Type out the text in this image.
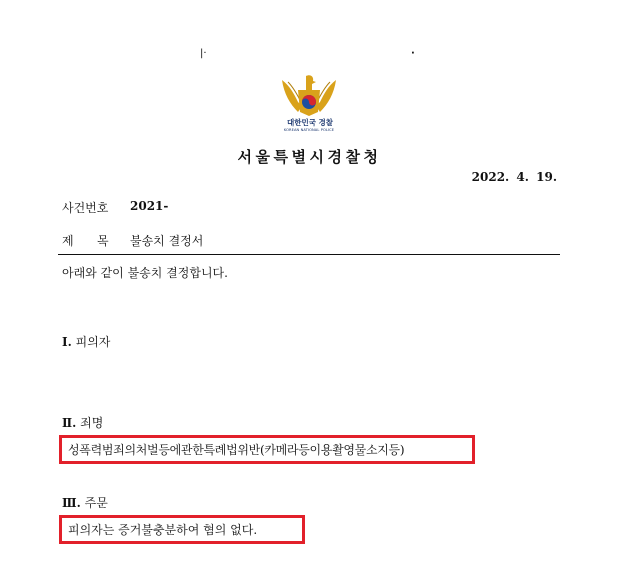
|·	·
대한민국 경찰
KOREAN NATIONAL POLICE
서울특별시경찰청
2022. 4. 19.
사건번호 2021-
제 목 불송치 결정서
아래와 같이 불송치 결정합니다.
Ⅰ. 피의자
Ⅱ. 죄명
성폭력범죄의처벌등에관한특례법위반(카메라등이용촬영물소지등)
Ⅲ. 주문
피의자는 증거불충분하여 혐의 없다.
